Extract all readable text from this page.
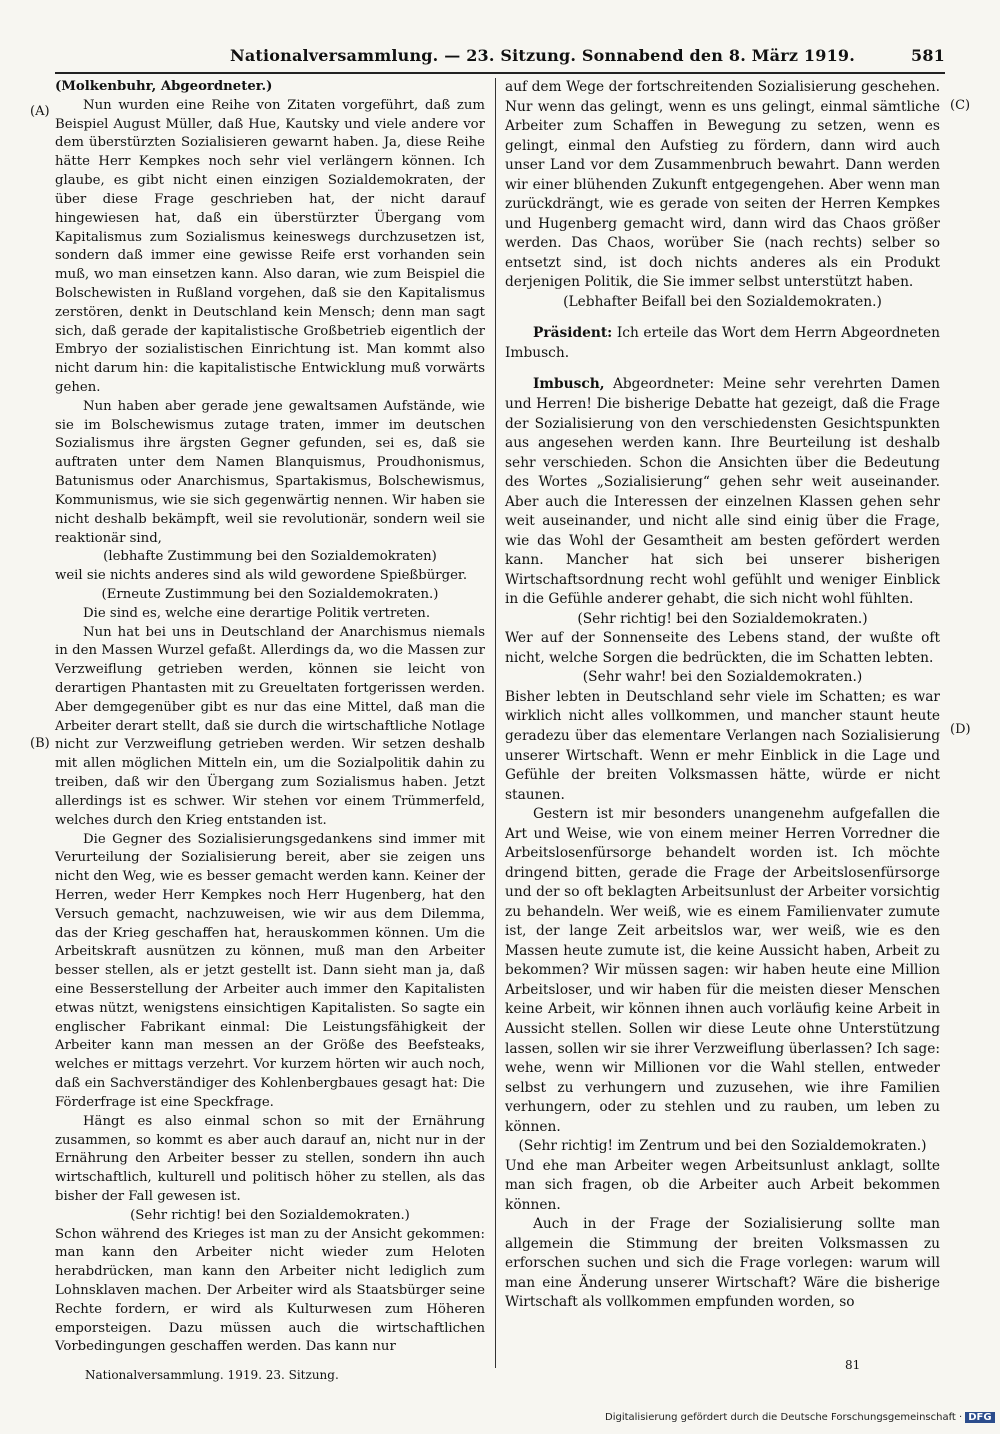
Nationalversammlung. — 23. Sitzung. Sonnabend den 8. März 1919.	581
(A)
(B)
(C)
(D)

(Molkenbuhr, Abgeordneter.)

Nun wurden eine Reihe von Zitaten vorgeführt, daß zum Beispiel August Müller, daß Hue, Kautsky und viele andere vor dem überstürzten Sozialisieren gewarnt haben. Ja, diese Reihe hätte Herr Kempkes noch sehr viel verlängern können. Ich glaube, es gibt nicht einen einzigen Sozialdemokraten, der über diese Frage geschrieben hat, der nicht darauf hingewiesen hat, daß ein überstürzter Übergang vom Kapitalismus zum Sozialismus keineswegs durchzusetzen ist, sondern daß immer eine gewisse Reife erst vorhanden sein muß, wo man einsetzen kann. Also daran, wie zum Beispiel die Bolschewisten in Rußland vorgehen, daß sie den Kapitalismus zerstören, denkt in Deutschland kein Mensch; denn man sagt sich, daß gerade der kapitalistische Großbetrieb eigentlich der Embryo der sozialistischen Einrichtung ist. Man kommt also nicht darum hin: die kapitalistische Entwicklung muß vorwärts gehen.

Nun haben aber gerade jene gewaltsamen Aufstände, wie sie im Bolschewismus zutage traten, immer im deutschen Sozialismus ihre ärgsten Gegner gefunden, sei es, daß sie auftraten unter dem Namen Blanquismus, Proudhonismus, Batunismus oder Anarchismus, Spartakismus, Bolschewismus, Kommunismus, wie sie sich gegenwärtig nennen. Wir haben sie nicht deshalb bekämpft, weil sie revolutionär, sondern weil sie reaktionär sind,

(lebhafte Zustimmung bei den Sozialdemokraten)

weil sie nichts anderes sind als wild gewordene Spießbürger.

(Erneute Zustimmung bei den Sozialdemokraten.)

Die sind es, welche eine derartige Politik vertreten.

Nun hat bei uns in Deutschland der Anarchismus niemals in den Massen Wurzel gefaßt. Allerdings da, wo die Massen zur Verzweiflung getrieben werden, können sie leicht von derartigen Phantasten mit zu Greueltaten fortgerissen werden. Aber demgegenüber gibt es nur das eine Mittel, daß man die Arbeiter derart stellt, daß sie durch die wirtschaftliche Notlage nicht zur Verzweiflung getrieben werden. Wir setzen deshalb mit allen möglichen Mitteln ein, um die Sozialpolitik dahin zu treiben, daß wir den Übergang zum Sozialismus haben. Jetzt allerdings ist es schwer. Wir stehen vor einem Trümmerfeld, welches durch den Krieg entstanden ist.

Die Gegner des Sozialisierungsgedankens sind immer mit Verurteilung der Sozialisierung bereit, aber sie zeigen uns nicht den Weg, wie es besser gemacht werden kann. Keiner der Herren, weder Herr Kempkes noch Herr Hugenberg, hat den Versuch gemacht, nachzuweisen, wie wir aus dem Dilemma, das der Krieg geschaffen hat, herauskommen können. Um die Arbeitskraft ausnützen zu können, muß man den Arbeiter besser stellen, als er jetzt gestellt ist. Dann sieht man ja, daß eine Besserstellung der Arbeiter auch immer den Kapitalisten etwas nützt, wenigstens einsichtigen Kapitalisten. So sagte ein englischer Fabrikant einmal: Die Leistungsfähigkeit der Arbeiter kann man messen an der Größe des Beefsteaks, welches er mittags verzehrt. Vor kurzem hörten wir auch noch, daß ein Sachverständiger des Kohlenbergbaues gesagt hat: Die Förderfrage ist eine Speckfrage.

Hängt es also einmal schon so mit der Ernährung zusammen, so kommt es aber auch darauf an, nicht nur in der Ernährung den Arbeiter besser zu stellen, sondern ihn auch wirtschaftlich, kulturell und politisch höher zu stellen, als das bisher der Fall gewesen ist.

(Sehr richtig! bei den Sozialdemokraten.)

Schon während des Krieges ist man zu der Ansicht gekommen: man kann den Arbeiter nicht wieder zum Heloten herabdrücken, man kann den Arbeiter nicht lediglich zum Lohnsklaven machen. Der Arbeiter wird als Staatsbürger seine Rechte fordern, er wird als Kulturwesen zum Höheren emporsteigen. Dazu müssen auch die wirtschaftlichen Vorbedingungen geschaffen werden. Das kann nur

auf dem Wege der fortschreitenden Sozialisierung geschehen. Nur wenn das gelingt, wenn es uns gelingt, einmal sämtliche Arbeiter zum Schaffen in Bewegung zu setzen, wenn es gelingt, einmal den Aufstieg zu fördern, dann wird auch unser Land vor dem Zusammenbruch bewahrt. Dann werden wir einer blühenden Zukunft entgegengehen. Aber wenn man zurückdrängt, wie es gerade von seiten der Herren Kempkes und Hugenberg gemacht wird, dann wird das Chaos größer werden. Das Chaos, worüber Sie (nach rechts) selber so entsetzt sind, ist doch nichts anderes als ein Produkt derjenigen Politik, die Sie immer selbst unterstützt haben.

(Lebhafter Beifall bei den Sozialdemokraten.)

Präsident: Ich erteile das Wort dem Herrn Abgeordneten Imbusch.

Imbusch, Abgeordneter: Meine sehr verehrten Damen und Herren! Die bisherige Debatte hat gezeigt, daß die Frage der Sozialisierung von den verschiedensten Gesichtspunkten aus angesehen werden kann. Ihre Beurteilung ist deshalb sehr verschieden. Schon die Ansichten über die Bedeutung des Wortes „Sozialisierung“ gehen sehr weit auseinander. Aber auch die Interessen der einzelnen Klassen gehen sehr weit auseinander, und nicht alle sind einig über die Frage, wie das Wohl der Gesamtheit am besten gefördert werden kann. Mancher hat sich bei unserer bisherigen Wirtschaftsordnung recht wohl gefühlt und weniger Einblick in die Gefühle anderer gehabt, die sich nicht wohl fühlten.

(Sehr richtig! bei den Sozialdemokraten.)

Wer auf der Sonnenseite des Lebens stand, der wußte oft nicht, welche Sorgen die bedrückten, die im Schatten lebten.

(Sehr wahr! bei den Sozialdemokraten.)

Bisher lebten in Deutschland sehr viele im Schatten; es war wirklich nicht alles vollkommen, und mancher staunt heute geradezu über das elementare Verlangen nach Sozialisierung unserer Wirtschaft. Wenn er mehr Einblick in die Lage und Gefühle der breiten Volksmassen hätte, würde er nicht staunen.

Gestern ist mir besonders unangenehm aufgefallen die Art und Weise, wie von einem meiner Herren Vorredner die Arbeitslosenfürsorge behandelt worden ist. Ich möchte dringend bitten, gerade die Frage der Arbeitslosenfürsorge und der so oft beklagten Arbeitsunlust der Arbeiter vorsichtig zu behandeln. Wer weiß, wie es einem Familienvater zumute ist, der lange Zeit arbeitslos war, wer weiß, wie es den Massen heute zumute ist, die keine Aussicht haben, Arbeit zu bekommen? Wir müssen sagen: wir haben heute eine Million Arbeitsloser, und wir haben für die meisten dieser Menschen keine Arbeit, wir können ihnen auch vorläufig keine Arbeit in Aussicht stellen. Sollen wir diese Leute ohne Unterstützung lassen, sollen wir sie ihrer Verzweiflung überlassen? Ich sage: wehe, wenn wir Millionen vor die Wahl stellen, entweder selbst zu verhungern und zuzusehen, wie ihre Familien verhungern, oder zu stehlen und zu rauben, um leben zu können.

(Sehr richtig! im Zentrum und bei den Sozialdemokraten.)

Und ehe man Arbeiter wegen Arbeitsunlust anklagt, sollte man sich fragen, ob die Arbeiter auch Arbeit bekommen können.

Auch in der Frage der Sozialisierung sollte man allgemein die Stimmung der breiten Volksmassen zu erforschen suchen und sich die Frage vorlegen: warum will man eine Änderung unserer Wirtschaft? Wäre die bisherige Wirtschaft als vollkommen empfunden worden, so

Nationalversammlung. 1919. 23. Sitzung.
81
Digitalisierung gefördert durch die Deutsche Forschungsgemeinschaft · DFG
